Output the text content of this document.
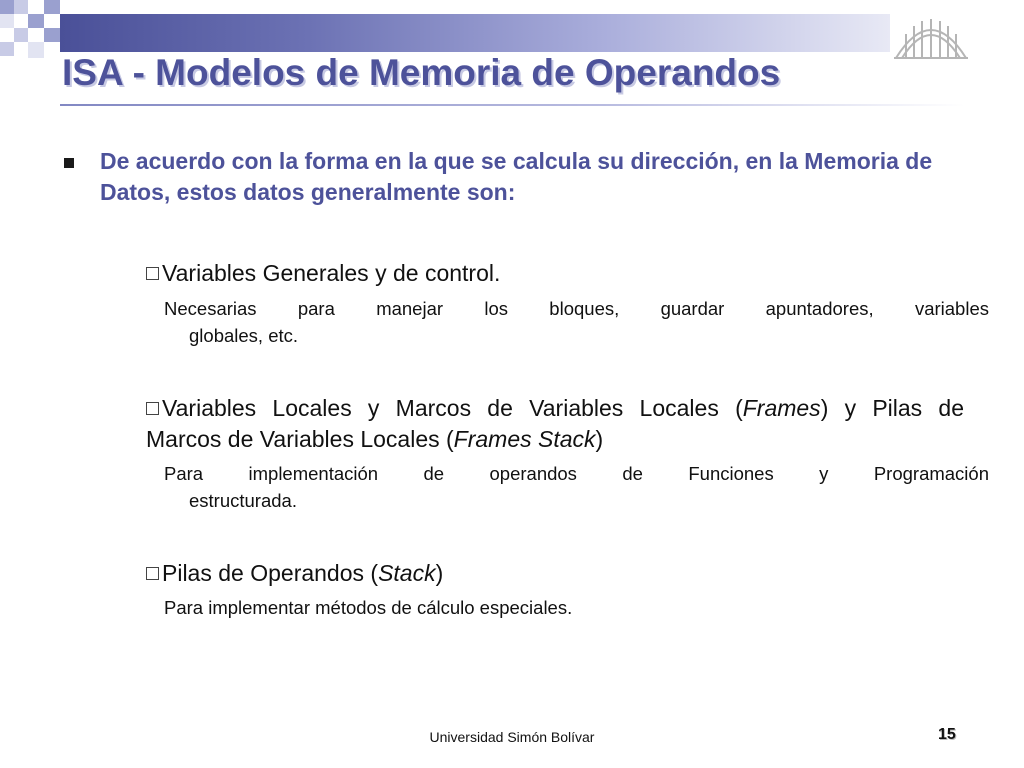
ISA - Modelos de Memoria de Operandos
De acuerdo con la forma en la que se calcula su dirección, en la Memoria de Datos, estos datos generalmente son:
Variables Generales y de control.
Necesarias para manejar los bloques, guardar apuntadores, variables
globales, etc.
Variables Locales y Marcos de Variables Locales (Frames) y Pilas de
Marcos de Variables Locales (Frames Stack)
Para implementación de operandos de Funciones y Programación
estructurada.
Pilas de Operandos (Stack)
Para implementar métodos de cálculo especiales.
Universidad Simón Bolívar	15
